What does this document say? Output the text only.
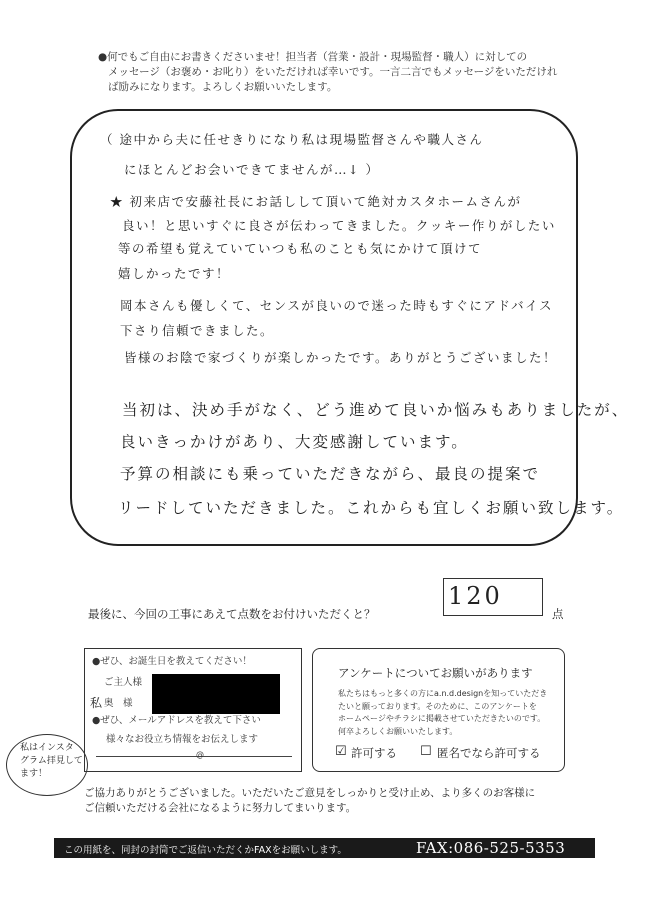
●何でもご自由にお書きくださいませ！担当者（営業・設計・現場監督・職人）に対しての
メッセージ（お褒め・お叱り）をいただければ幸いです。一言二言でもメッセージをいただけれ
ば励みになります。よろしくお願いいたします。
（ 途中から夫に任せきりになり私は現場監督さんや職人さん
にほとんどお会いできてませんが…↓ ）
★ 初来店で安藤社長にお話しして頂いて絶対カスタホームさんが
良い！と思いすぐに良さが伝わってきました。クッキー作りがしたい
等の希望も覚えていていつも私のことも気にかけて頂けて
嬉しかったです！
岡本さんも優しくて、センスが良いので迷った時もすぐにアドバイス
下さり信頼できました。
皆様のお陰で家づくりが楽しかったです。ありがとうございました！
当初は、決め手がなく、どう進めて良いか悩みもありましたが、
良いきっかけがあり、大変感謝しています。
予算の相談にも乗っていただきながら、最良の提案で
リードしていただきました。これからも宜しくお願い致します。
最後に、今回の工事にあえて点数をお付けいただくと？
120
点
●ぜひ、お誕生日を教えてください！
ご主人様
私 奥　様
●ぜひ、メールアドレスを教えて下さい
様々なお役立ち情報をお伝えします
@
私はインスタ
グラム拝見して
ます！
アンケートについてお願いがあります
私たちはもっと多くの方にa.n.d.designを知っていただき
たいと願っております。そのために、このアンケートを
ホームページやチラシに掲載させていただきたいのです。
何卒よろしくお願いいたします。
☑ 許可する ☐ 匿名でなら許可する
ご協力ありがとうございました。いただいたご意見をしっかりと受け止め、より多くのお客様に
ご信頼いただける会社になるように努力してまいります。
この用紙を、同封の封筒でご返信いただくかFAXをお願いします。	FAX:086-525-5353
